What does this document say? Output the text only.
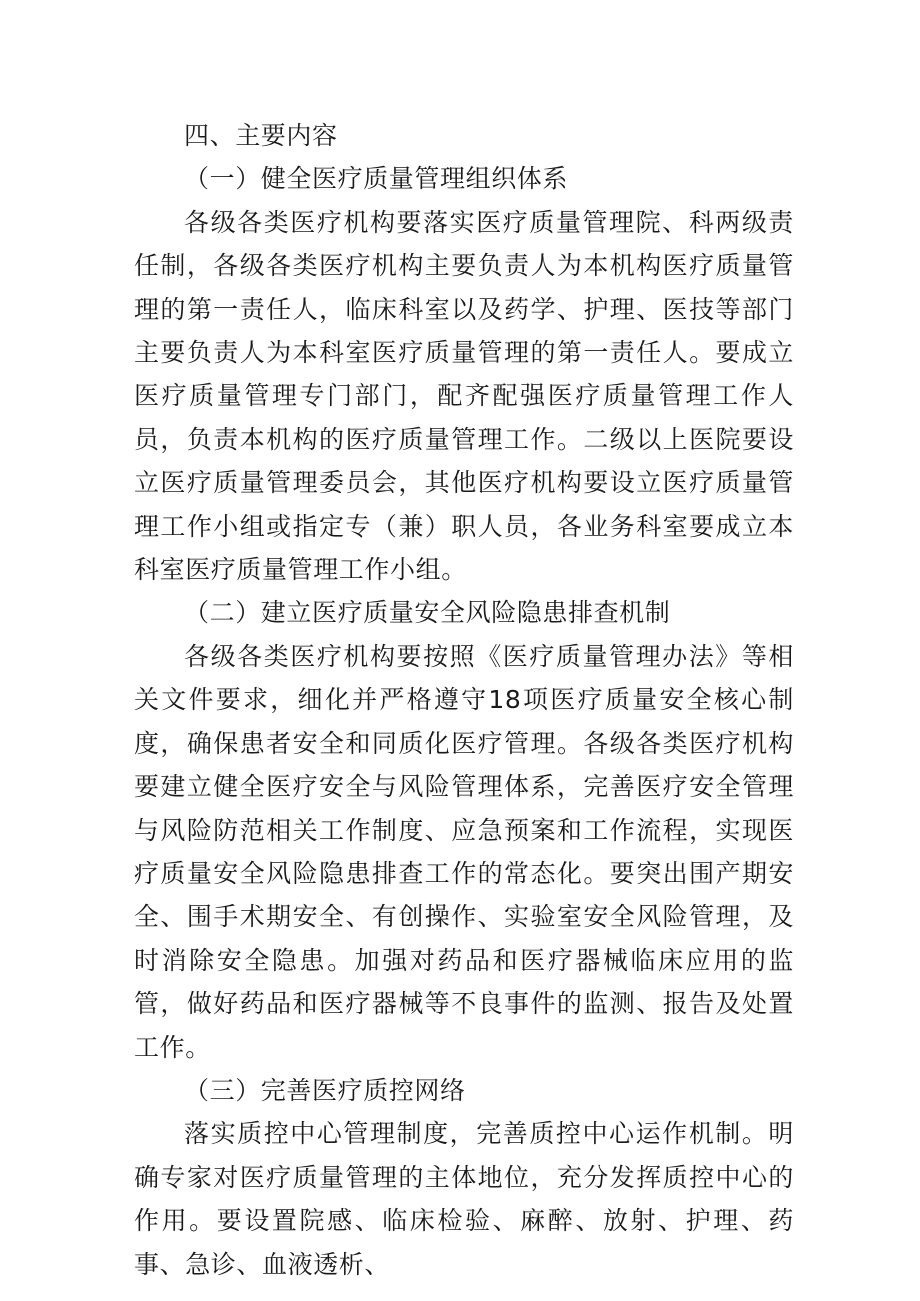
四、主要内容

（一）健全医疗质量管理组织体系

各级各类医疗机构要落实医疗质量管理院、科两级责任制，各级各类医疗机构主要负责人为本机构医疗质量管理的第一责任人，临床科室以及药学、护理、医技等部门主要负责人为本科室医疗质量管理的第一责任人。要成立医疗质量管理专门部门，配齐配强医疗质量管理工作人员，负责本机构的医疗质量管理工作。二级以上医院要设立医疗质量管理委员会，其他医疗机构要设立医疗质量管理工作小组或指定专（兼）职人员，各业务科室要成立本科室医疗质量管理工作小组。

（二）建立医疗质量安全风险隐患排查机制

各级各类医疗机构要按照《医疗质量管理办法》等相关文件要求，细化并严格遵守18项医疗质量安全核心制度，确保患者安全和同质化医疗管理。各级各类医疗机构要建立健全医疗安全与风险管理体系，完善医疗安全管理与风险防范相关工作制度、应急预案和工作流程，实现医疗质量安全风险隐患排查工作的常态化。要突出围产期安全、围手术期安全、有创操作、实验室安全风险管理，及时消除安全隐患。加强对药品和医疗器械临床应用的监管，做好药品和医疗器械等不良事件的监测、报告及处置工作。

（三）完善医疗质控网络

落实质控中心管理制度，完善质控中心运作机制。明确专家对医疗质量管理的主体地位，充分发挥质控中心的作用。要设置院感、临床检验、麻醉、放射、护理、药事、急诊、血液透析、
